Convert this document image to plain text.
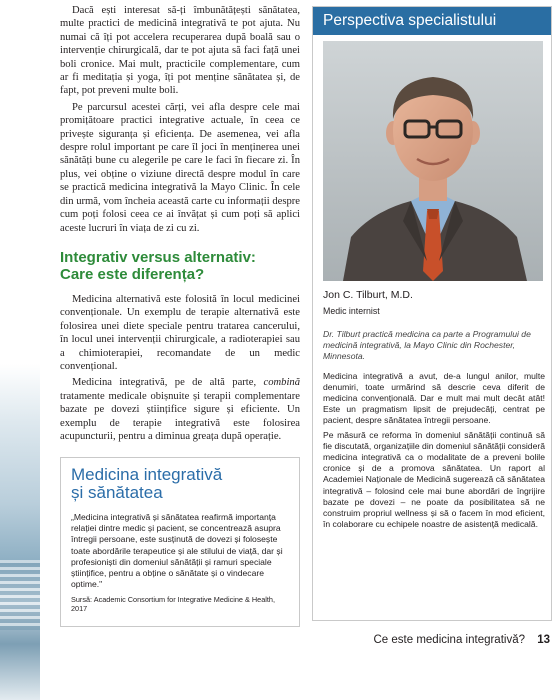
Dacă ești interesat să-ți îmbunătățești sănătatea, multe practici de medicină integrativă te pot ajuta. Nu numai că îți pot accelera recuperarea după boală sau o intervenție chirurgicală, dar te pot ajuta să faci față unei boli cronice. Mai mult, practicile complementare, cum ar fi meditația și yoga, îți pot menține sănătatea și, de fapt, pot preveni multe boli.

Pe parcursul acestei cărți, vei afla despre cele mai promițătoare practici integrative actuale, în ceea ce privește siguranța și eficiența. De asemenea, vei afla despre rolul important pe care îl joci în menținerea unei sănătăți bune cu alegerile pe care le faci în fiecare zi. În plus, vei obține o viziune directă despre modul în care se practică medicina integrativă la Mayo Clinic. În cele din urmă, vom încheia această carte cu informații despre cum poți folosi ceea ce ai învățat și cum poți să aplici aceste lucruri în viața de zi cu zi.

Integrativ versus alternativ:
Care este diferența?

Medicina alternativă este folosită în locul medicinei convenționale. Un exemplu de terapie alternativă este folosirea unei diete speciale pentru tratarea cancerului, în locul unei intervenții chirurgicale, a radioterapiei sau a chimioterapiei, recomandate de un medic convențional.

Medicina integrativă, pe de altă parte, combină tratamente medicale obișnuite și terapii complementare bazate pe dovezi științifice sigure și eficiente. Un exemplu de terapie integrativă este folosirea acupuncturii, pentru a diminua greața după operație.

Medicina integrativă
și sănătatea

„Medicina integrativă și sănătatea reafirmă importanța relației dintre medic și pacient, se concentrează asupra întregii persoane, este susținută de dovezi și folosește toate abordările terapeutice și ale stilului de viață, dar și profesioniști din domeniul sănătății și ramuri speciale științifice, pentru a obține o sănătate și o vindecare optime."

Sursă: Academic Consortium for Integrative Medicine & Health, 2017

Perspectiva specialistului

Jon C. Tilburt, M.D.

Medic internist

Dr. Tilburt practică medicina ca parte a Programului de medicină integrativă, la Mayo Clinic din Rochester, Minnesota.

Medicina integrativă a avut, de-a lungul anilor, multe denumiri, toate urmărind să descrie ceva diferit de medicina convențională. Dar e mult mai mult decât atât! Este un pragmatism lipsit de prejudecăți, centrat pe pacient, despre sănătatea întregii persoane.

Pe măsură ce reforma în domeniul sănătății continuă să fie discutată, organizațiile din domeniul sănătății consideră medicina integrativă ca o modalitate de a preveni bolile cronice și de a promova sănătatea. Un raport al Academiei Naționale de Medicină sugerează că sănătatea integrativă – folosind cele mai bune abordări de îngrijire bazate pe dovezi – ne poate da posibilitatea să ne construim propriul wellness și să o facem în mod eficient, în colaborare cu echipele noastre de asistență medicală.

Ce este medicina integrativă? 13
